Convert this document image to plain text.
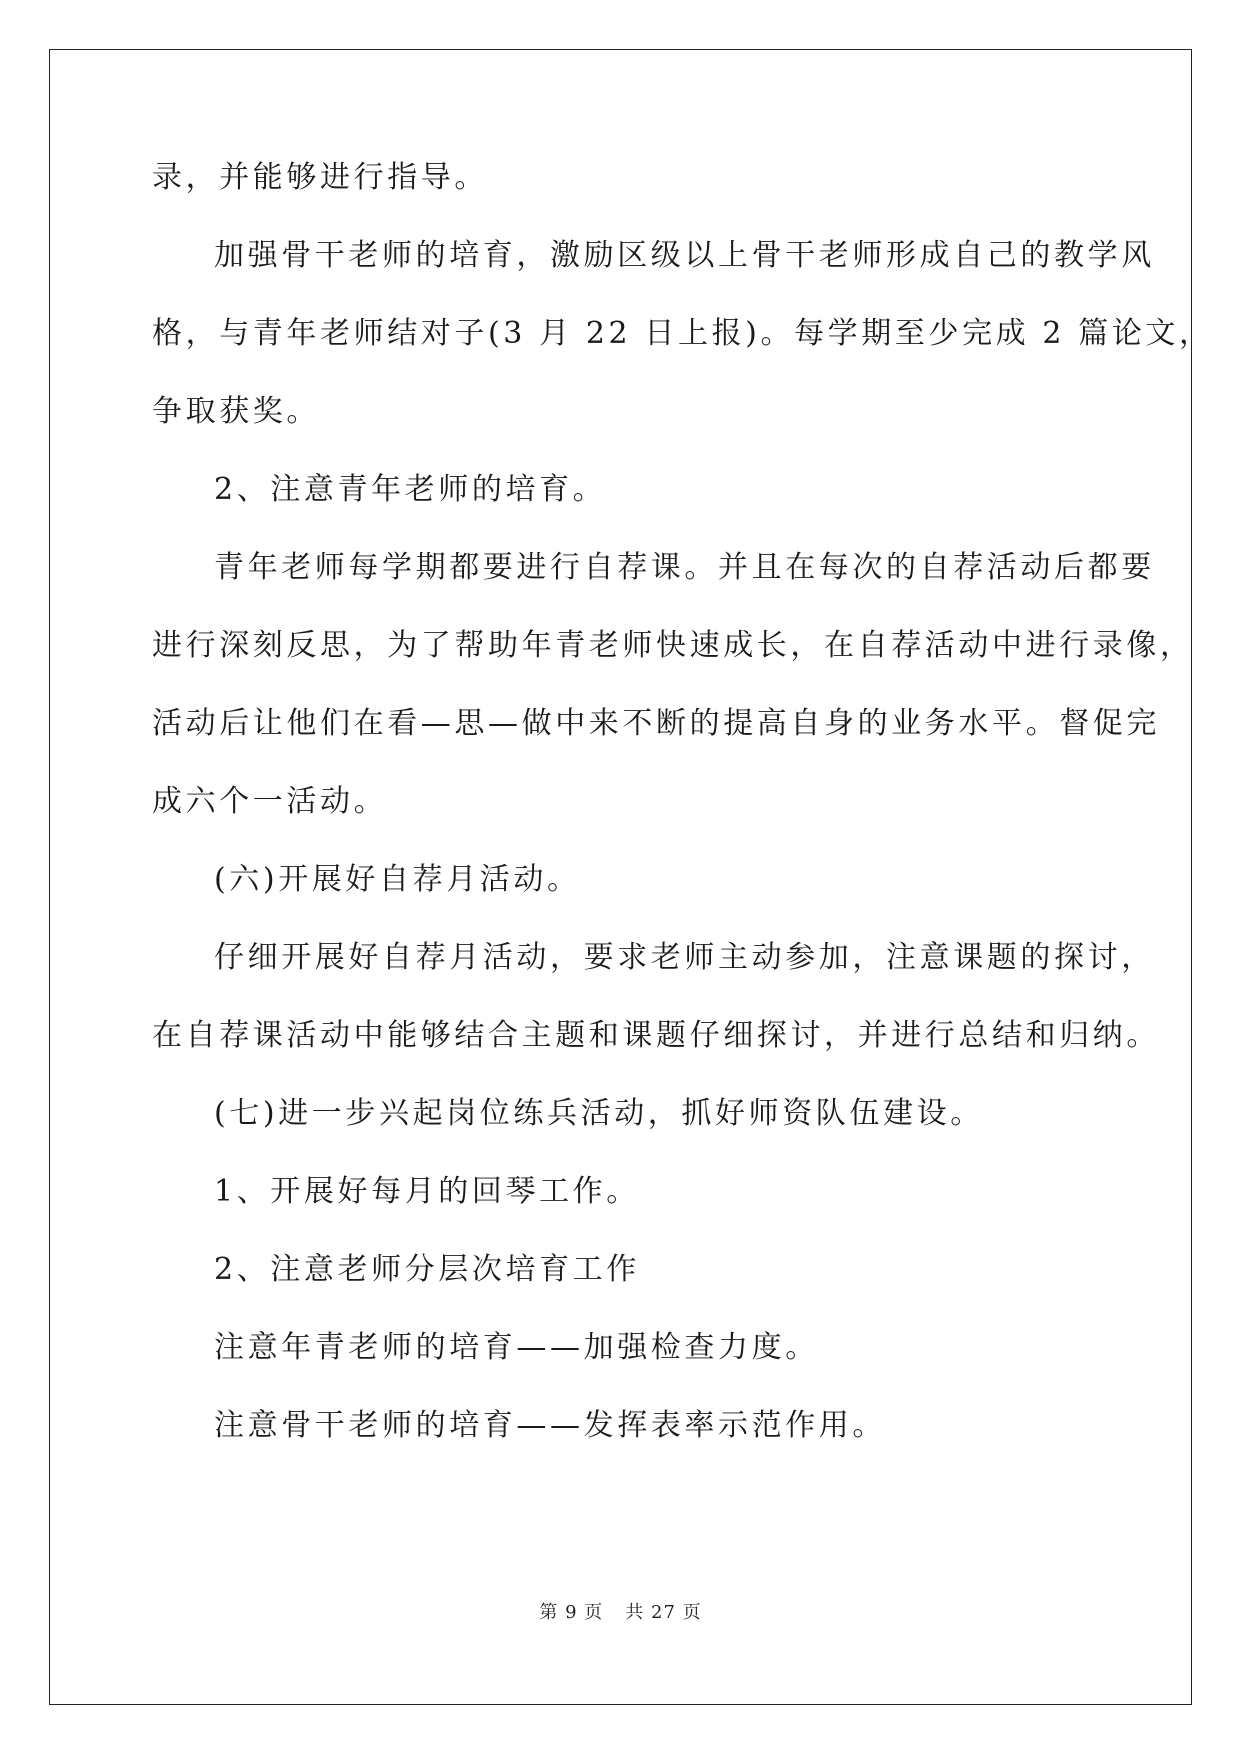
录，并能够进行指导。
加强骨干老师的培育，激励区级以上骨干老师形成自己的教学风
格，与青年老师结对子(3 月 22 日上报)。每学期至少完成 2 篇论文，
争取获奖。
2、注意青年老师的培育。
青年老师每学期都要进行自荐课。并且在每次的自荐活动后都要
进行深刻反思，为了帮助年青老师快速成长，在自荐活动中进行录像，
活动后让他们在看—思—做中来不断的提高自身的业务水平。督促完
成六个一活动。
(六)开展好自荐月活动。
仔细开展好自荐月活动，要求老师主动参加，注意课题的探讨，
在自荐课活动中能够结合主题和课题仔细探讨，并进行总结和归纳。
(七)进一步兴起岗位练兵活动，抓好师资队伍建设。
1、开展好每月的回琴工作。
2、注意老师分层次培育工作
注意年青老师的培育——加强检查力度。
注意骨干老师的培育——发挥表率示范作用。
第 9 页 共 27 页
